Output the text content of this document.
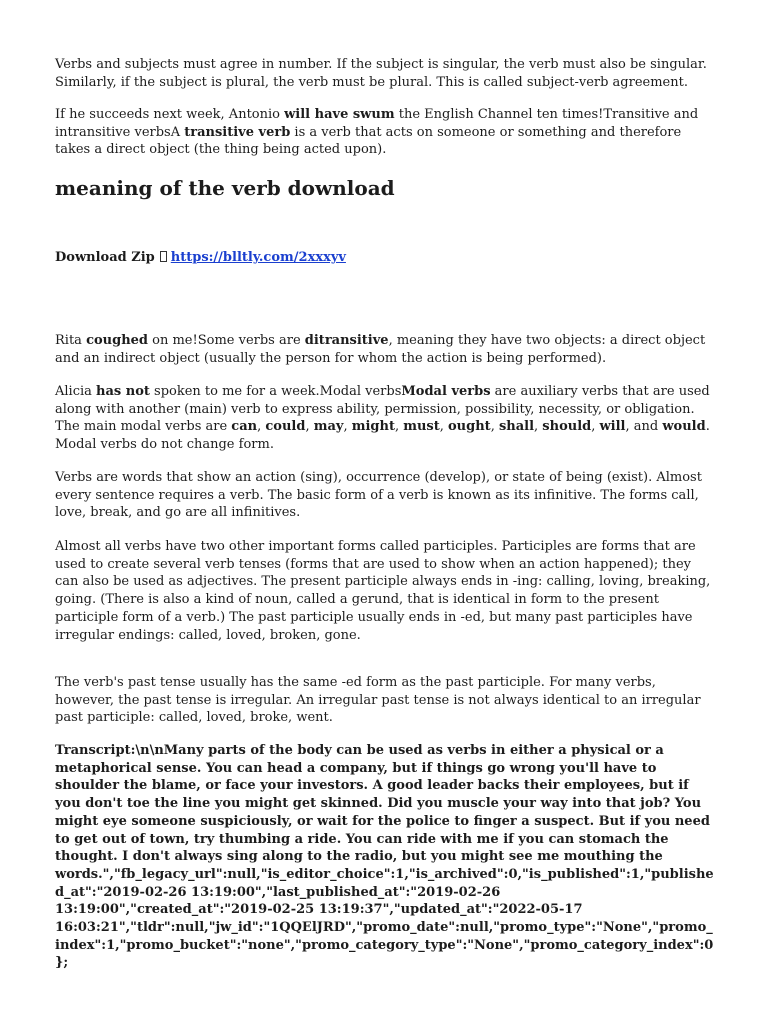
Verbs and subjects must agree in number. If the subject is singular, the verb must also be singular. Similarly, if the subject is plural, the verb must be plural. This is called subject-verb agreement.

If he succeeds next week, Antonio will have swum the English Channel ten times!Transitive and intransitive verbsA transitive verb is a verb that acts on someone or something and therefore takes a direct object (the thing being acted upon).

meaning of the verb download
Download Zip https://blltly.com/2xxxyv

Rita coughed on me!Some verbs are ditransitive, meaning they have two objects: a direct object and an indirect object (usually the person for whom the action is being performed).

Alicia has not spoken to me for a week.Modal verbsModal verbs are auxiliary verbs that are used along with another (main) verb to express ability, permission, possibility, necessity, or obligation. The main modal verbs are can, could, may, might, must, ought, shall, should, will, and would. Modal verbs do not change form.

Verbs are words that show an action (sing), occurrence (develop), or state of being (exist). Almost every sentence requires a verb. The basic form of a verb is known as its infinitive. The forms call, love, break, and go are all infinitives.

Almost all verbs have two other important forms called participles. Participles are forms that are used to create several verb tenses (forms that are used to show when an action happened); they can also be used as adjectives. The present participle always ends in -ing: calling, loving, breaking, going. (There is also a kind of noun, called a gerund, that is identical in form to the present participle form of a verb.) The past participle usually ends in -ed, but many past participles have irregular endings: called, loved, broken, gone.

The verb's past tense usually has the same -ed form as the past participle. For many verbs, however, the past tense is irregular. An irregular past tense is not always identical to an irregular past participle: called, loved, broke, went.

Transcript:\n\nMany parts of the body can be used as verbs in either a physical or a metaphorical sense. You can head a company, but if things go wrong you'll have to shoulder the blame, or face your investors. A good leader backs their employees, but if you don't toe the line you might get skinned. Did you muscle your way into that job? You might eye someone suspiciously, or wait for the police to finger a suspect. But if you need to get out of town, try thumbing a ride. You can ride with me if you can stomach the thought. I don't always sing along to the radio, but you might see me mouthing the words.","fb_legacy_url":null,"is_editor_choice":1,"is_archived":0,"is_published":1,"published_at":"2019-02-26 13:19:00","last_published_at":"2019-02-26 13:19:00","created_at":"2019-02-25 13:19:37","updated_at":"2022-05-17 16:03:21","tldr":null,"jw_id":"1QQElJRD","promo_date":null,"promo_type":"None","promo_index":1,"promo_bucket":"none","promo_category_type":"None","promo_category_index":0};
